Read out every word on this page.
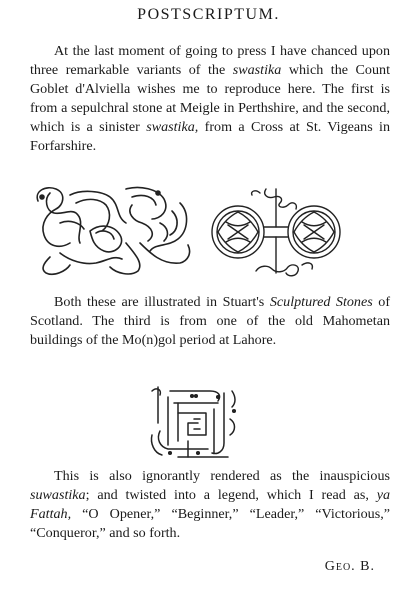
POSTSCRIPTUM.

At the last moment of going to press I have chanced upon three remarkable variants of the swastika which the Count Goblet d'Alviella wishes me to reproduce here. The first is from a sepulchral stone at Meigle in Perthshire, and the second, which is a sinister swastika, from a Cross at St. Vigeans in Forfarshire.

Both these are illustrated in Stuart's Sculptured Stones of Scotland. The third is from one of the old Mahometan buildings of the Mo(n)gol period at Lahore.

This is also ignorantly rendered as the inauspicious suwastika; and twisted into a legend, which I read as, ya Fattah, “O Opener,” “Beginner,” “Leader,” “Victorious,” “Conqueror,” and so forth.

Geo. B.
